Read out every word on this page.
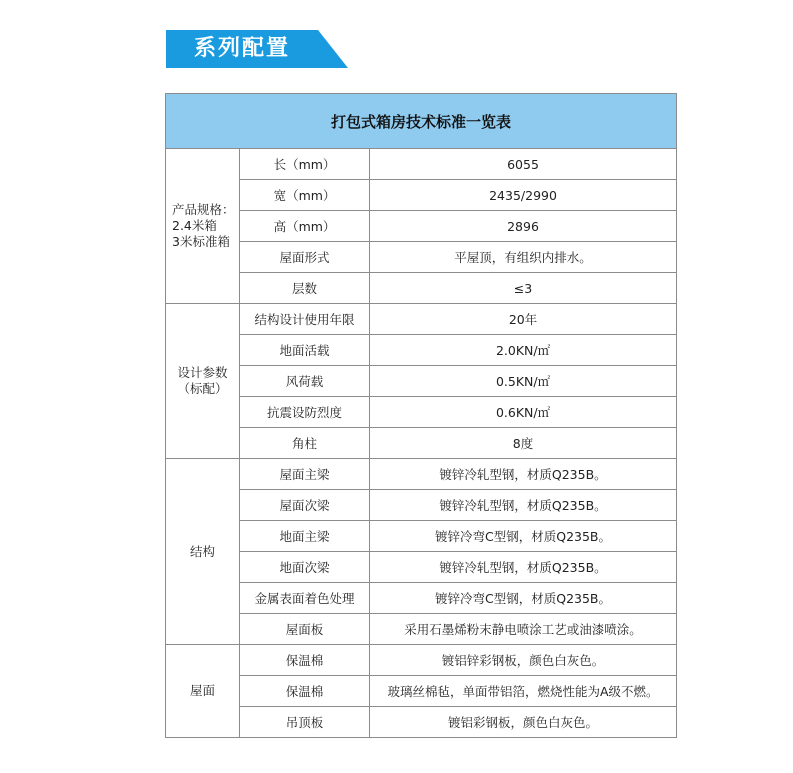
系列配置
打包式箱房技术标准一览表		

产品规格：
2.4米箱
3米标准箱	长（mm）	6055
	宽（mm）	2435/2990
	高（mm）	2896
	屋面形式	平屋顶，有组织内排水。
	层数	≤3

设计参数
（标配）	结构设计使用年限	20年
	地面活载	2.0KN/㎡
	风荷载	0.5KN/㎡
	抗震设防烈度	0.6KN/㎡
	角柱	8度

结构	屋面主梁	镀锌冷轧型钢，材质Q235B。
	屋面次梁	镀锌冷轧型钢，材质Q235B。
	地面主梁	镀锌冷弯C型钢，材质Q235B。
	地面次梁	镀锌冷轧型钢，材质Q235B。
	金属表面着色处理	镀锌冷弯C型钢，材质Q235B。
	屋面板	采用石墨烯粉末静电喷涂工艺或油漆喷涂。

屋面	保温棉	镀铝锌彩钢板，颜色白灰色。
	保温棉	玻璃丝棉毡，单面带铝箔，燃烧性能为A级不燃。
	吊顶板	镀铝彩钢板，颜色白灰色。
